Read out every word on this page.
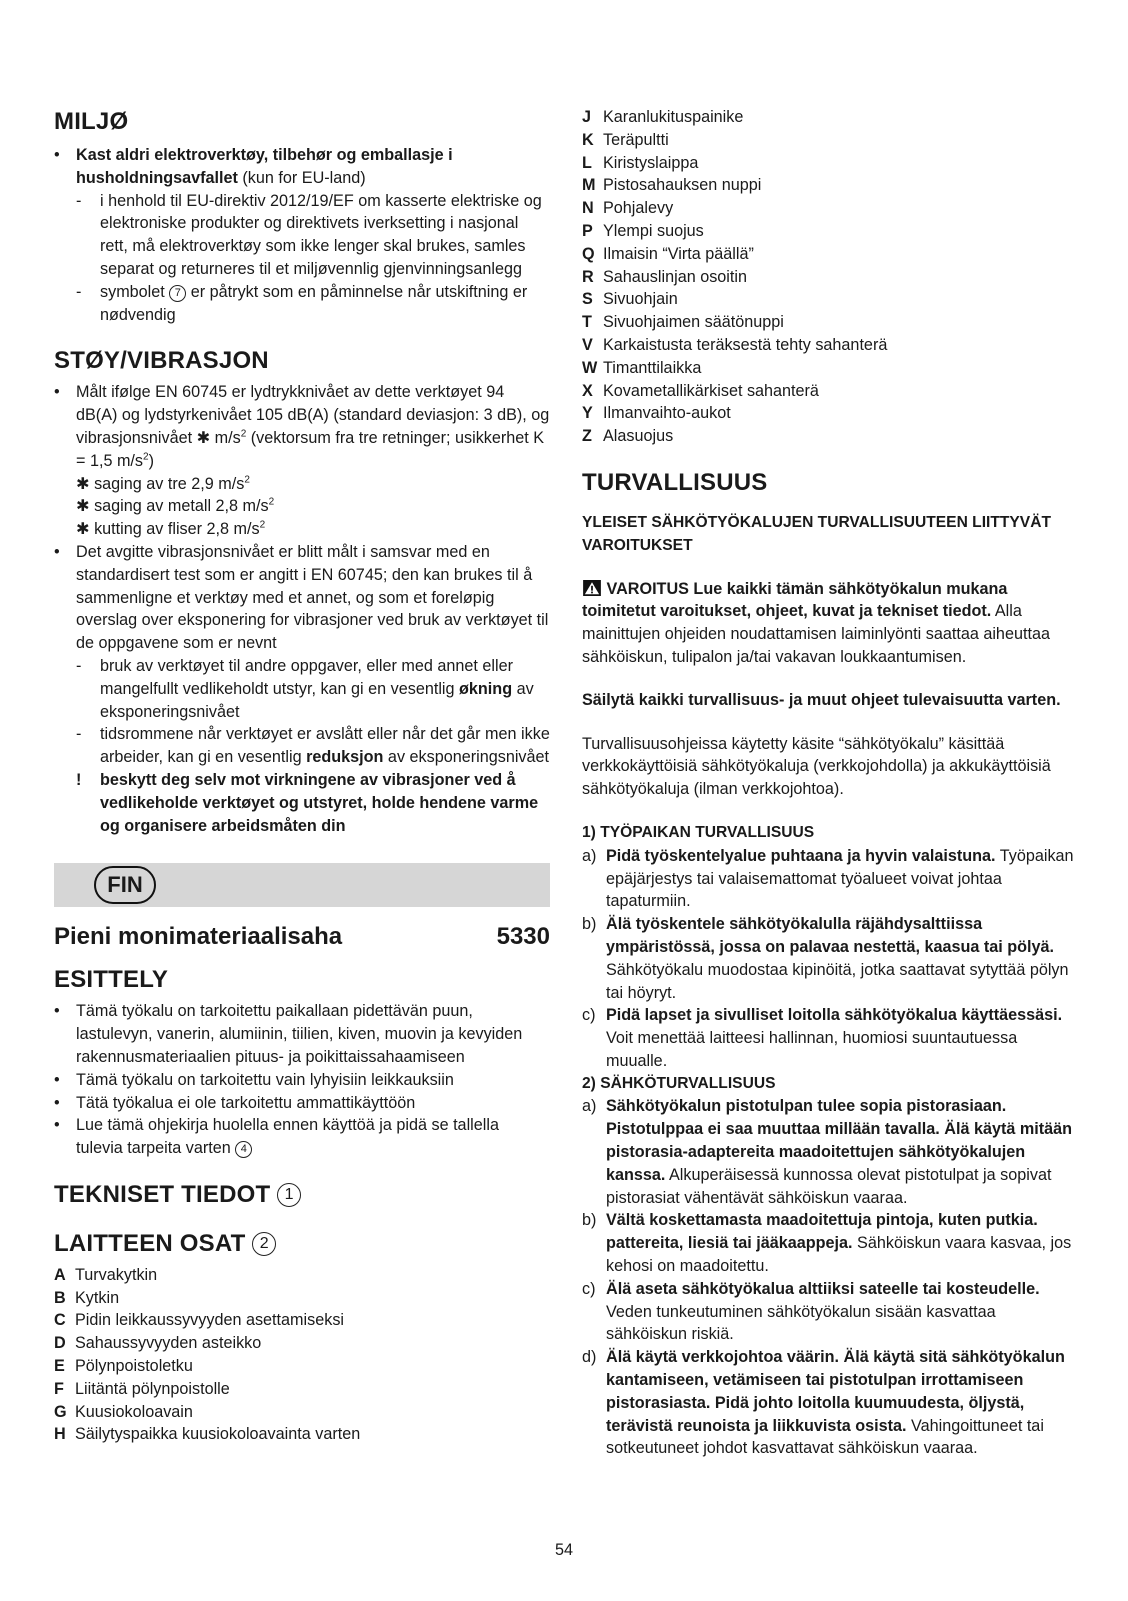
MILJØ
•	Kast aldri elektroverktøy, tilbehør og emballasje i husholdningsavfallet (kun for EU-land)
-	i henhold til EU-direktiv 2012/19/EF om kasserte elektriske og elektroniske produkter og direktivets iverksetting i nasjonal rett, må elektroverktøy som ikke lenger skal brukes, samles separat og returneres til et miljøvennlig gjenvinningsanlegg
-	symbolet 7 er påtrykt som en påminnelse når utskiftning er nødvendig
STØY/VIBRASJON
•	Målt ifølge EN 60745 er lydtrykknivået av dette verktøyet 94 dB(A) og lydstyrkenivået 105 dB(A) (standard deviasjon: 3 dB), og vibrasjonsnivået ✱ $m/s^2$ (vektorsum fra tre retninger; usikkerhet K = 1,5 $m/s^2$)
✱ saging av tre 2,9 $m/s^2$
✱ saging av metall 2,8 $m/s^2$
✱ kutting av fliser 2,8 $m/s^2$
•	Det avgitte vibrasjonsnivået er blitt målt i samsvar med en standardisert test som er angitt i EN 60745; den kan brukes til å sammenligne et verktøy med et annet, og som et foreløpig overslag over eksponering for vibrasjoner ved bruk av verktøyet til de oppgavene som er nevnt
-	bruk av verktøyet til andre oppgaver, eller med annet eller mangelfullt vedlikeholdt utstyr, kan gi en vesentlig økning av eksponeringsnivået
-	tidsrommene når verktøyet er avslått eller når det går men ikke arbeider, kan gi en vesentlig reduksjon av eksponeringsnivået
!	beskytt deg selv mot virkningene av vibrasjoner ved å vedlikeholde verktøyet og utstyret, holde hendene varme og organisere arbeidsmåten din
FIN
Pieni monimateriaalisaha	5330
ESITTELY
•	Tämä työkalu on tarkoitettu paikallaan pidettävän puun, lastulevyn, vanerin, alumiinin, tiilien, kiven, muovin ja kevyiden rakennusmateriaalien pituus- ja poikittaissahaamiseen
•	Tämä työkalu on tarkoitettu vain lyhyisiin leikkauksiin
•	Tätä työkalua ei ole tarkoitettu ammattikäyttöön
•	Lue tämä ohjekirja huolella ennen käyttöä ja pidä se tallella tulevia tarpeita varten 4
TEKNISET TIEDOT 1
LAITTEEN OSAT 2
A Turvakytkin
B Kytkin
C Pidin leikkaussyvyyden asettamiseksi
D Sahaussyvyyden asteikko
E Pölynpoistoletku
F Liitäntä pölynpoistolle
G Kuusiokoloavain
H Säilytyspaikka kuusiokoloavainta varten
J Karanlukituspainike
K Teräpultti
L Kiristyslaippa
M Pistosahauksen nuppi
N Pohjalevy
P Ylempi suojus
Q Ilmaisin “Virta päällä”
R Sahauslinjan osoitin
S Sivuohjain
T Sivuohjaimen säätönuppi
V Karkaistusta teräksestä tehty sahanterä
W Timanttilaikka
X Kovametallikärkiset sahanterä
Y Ilmanvaihto-aukot
Z Alasuojus
TURVALLISUUS

YLEISET SÄHKÖTYÖKALUJEN TURVALLISUUTEEN LIITTYVÄT VAROITUKSET

VAROITUS Lue kaikki tämän sähkötyökalun mukana toimitetut varoitukset, ohjeet, kuvat ja tekniset tiedot. Alla mainittujen ohjeiden noudattamisen laiminlyönti saattaa aiheuttaa sähköiskun, tulipalon ja/tai vakavan loukkaantumisen.

Säilytä kaikki turvallisuus- ja muut ohjeet tulevaisuutta varten.

Turvallisuusohjeissa käytetty käsite “sähkötyökalu” käsittää verkkokäyttöisiä sähkötyökaluja (verkkojohdolla) ja akkukäyttöisiä sähkötyökaluja (ilman verkkojohtoa).

1) TYÖPAIKAN TURVALLISUUS

a) Pidä työskentelyalue puhtaana ja hyvin valaistuna. Työpaikan epäjärjestys tai valaisemattomat työalueet voivat johtaa tapaturmiin.
b) Älä työskentele sähkötyökalulla räjähdysalttiissa ympäristössä, jossa on palavaa nestettä, kaasua tai pölyä. Sähkötyökalu muodostaa kipinöitä, jotka saattavat sytyttää pölyn tai höyryt.
c) Pidä lapset ja sivulliset loitolla sähkötyökalua käyttäessäsi. Voit menettää laitteesi hallinnan, huomiosi suuntautuessa muualle.

2) SÄHKÖTURVALLISUUS

a) Sähkötyökalun pistotulpan tulee sopia pistorasiaan. Pistotulppaa ei saa muuttaa millään tavalla. Älä käytä mitään pistorasia-adaptereita maadoitettujen sähkötyökalujen kanssa. Alkuperäisessä kunnossa olevat pistotulpat ja sopivat pistorasiat vähentävät sähköiskun vaaraa.
b) Vältä koskettamasta maadoitettuja pintoja, kuten putkia. pattereita, liesiä tai jääkaappeja. Sähköiskun vaara kasvaa, jos kehosi on maadoitettu.
c) Älä aseta sähkötyökalua alttiiksi sateelle tai kosteudelle. Veden tunkeutuminen sähkötyökalun sisään kasvattaa sähköiskun riskiä.
d) Älä käytä verkkojohtoa väärin. Älä käytä sitä sähkötyökalun kantamiseen, vetämiseen tai pistotulpan irrottamiseen pistorasiasta. Pidä johto loitolla kuumuudesta, öljystä, terävistä reunoista ja liikkuvista osista. Vahingoittuneet tai sotkeutuneet johdot kasvattavat sähköiskun vaaraa.
54
